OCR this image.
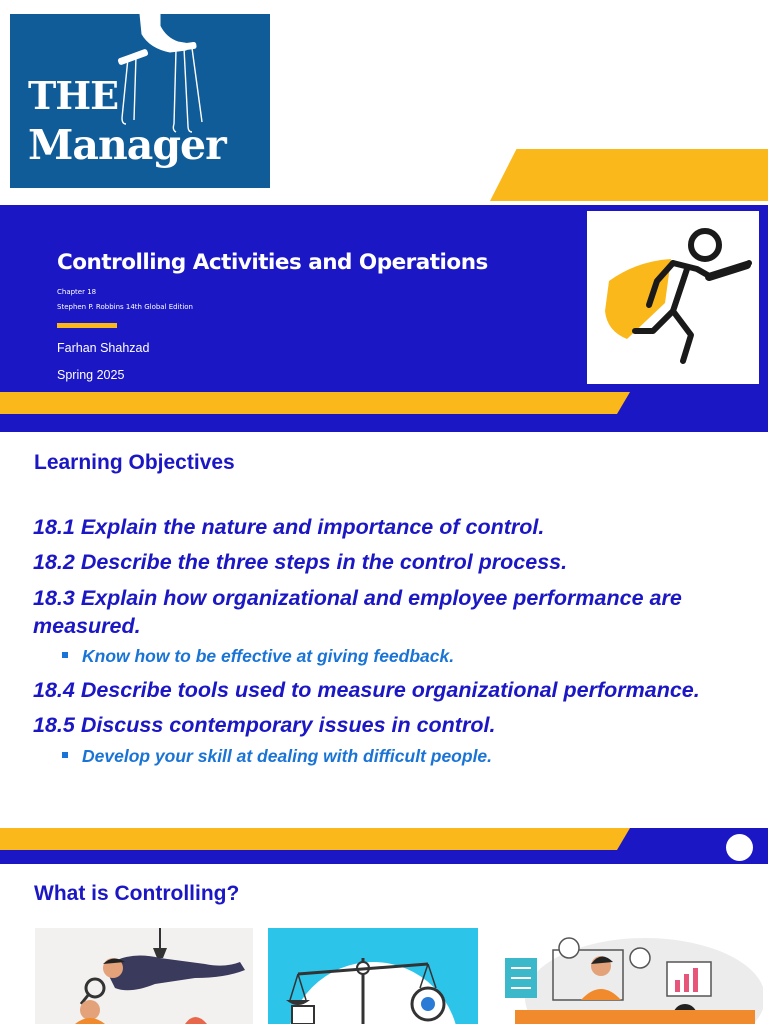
THE
Manager
Controlling Activities and Operations
Chapter 18
Stephen P. Robbins 14th Global Edition
Farhan Shahzad
Spring 2025
Learning Objectives
18.1 Explain the nature and importance of control.
18.2 Describe the three steps in the control process.
18.3 Explain how organizational and employee performance are measured.
Know how to be effective at giving feedback.
18.4 Describe tools used to measure organizational performance.
18.5 Discuss contemporary issues in control.
Develop your skill at dealing with difficult people.
What is Controlling?
